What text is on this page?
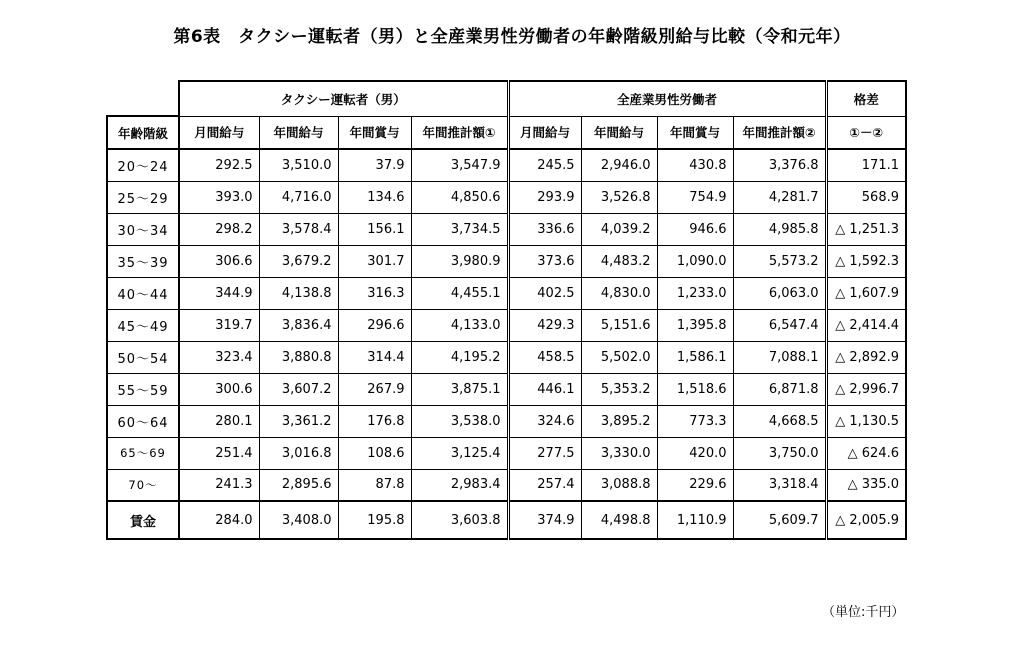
第6表　タクシー運転者（男）と全産業男性労働者の年齢階級別給与比較（令和元年）
	タクシー運転者（男）				全産業男性労働者				格差
年齢階級	月間給与	年間給与	年間賞与	年間推計額①	月間給与	年間給与	年間賞与	年間推計額②	①－②
20～24	292.5	3,510.0	37.9	3,547.9	245.5	2,946.0	430.8	3,376.8	171.1
25～29	393.0	4,716.0	134.6	4,850.6	293.9	3,526.8	754.9	4,281.7	568.9
30～34	298.2	3,578.4	156.1	3,734.5	336.6	4,039.2	946.6	4,985.8	△ 1,251.3
35～39	306.6	3,679.2	301.7	3,980.9	373.6	4,483.2	1,090.0	5,573.2	△ 1,592.3
40～44	344.9	4,138.8	316.3	4,455.1	402.5	4,830.0	1,233.0	6,063.0	△ 1,607.9
45～49	319.7	3,836.4	296.6	4,133.0	429.3	5,151.6	1,395.8	6,547.4	△ 2,414.4
50～54	323.4	3,880.8	314.4	4,195.2	458.5	5,502.0	1,586.1	7,088.1	△ 2,892.9
55～59	300.6	3,607.2	267.9	3,875.1	446.1	5,353.2	1,518.6	6,871.8	△ 2,996.7
60～64	280.1	3,361.2	176.8	3,538.0	324.6	3,895.2	773.3	4,668.5	△ 1,130.5
65～69	251.4	3,016.8	108.6	3,125.4	277.5	3,330.0	420.0	3,750.0	△ 624.6
70～	241.3	2,895.6	87.8	2,983.4	257.4	3,088.8	229.6	3,318.4	△ 335.0
賃金	284.0	3,408.0	195.8	3,603.8	374.9	4,498.8	1,110.9	5,609.7	△ 2,005.9
（単位:千円）
